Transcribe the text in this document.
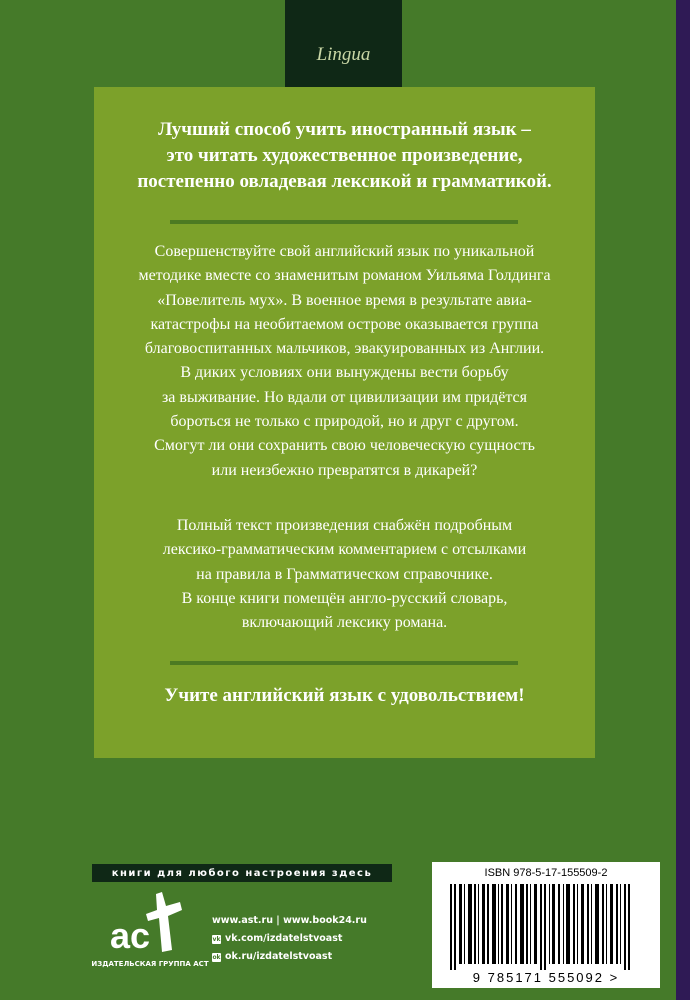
Lingua
Лучший способ учить иностранный язык –
это читать художественное произведение,
постепенно овладевая лексикой и грамматикой.
Совершенствуйте свой английский язык по уникальной
методике вместе со знаменитым романом Уильяма Голдинга
«Повелитель мух». В военное время в результате авиа-
катастрофы на необитаемом острове оказывается группа
благовоспитанных мальчиков, эвакуированных из Англии.
В диких условиях они вынуждены вести борьбу
за выживание. Но вдали от цивилизации им придётся
бороться не только с природой, но и друг с другом.
Смогут ли они сохранить свою человеческую сущность
или неизбежно превратятся в дикарей?
Полный текст произведения снабжён подробным
лексико-грамматическим комментарием с отсылками
на правила в Грамматическом справочнике.
В конце книги помещён англо-русский словарь,
включающий лексику романа.
Учите английский язык с удовольствием!
книги для любого настроения здесь
ac
ИЗДАТЕЛЬСКАЯ ГРУППА АСТ
www.ast.ru | www.book24.ru
vk vk.com/izdatelstvoast
ok ok.ru/izdatelstvoast
ISBN 978-5-17-155509-2
9 785171 555092 >
